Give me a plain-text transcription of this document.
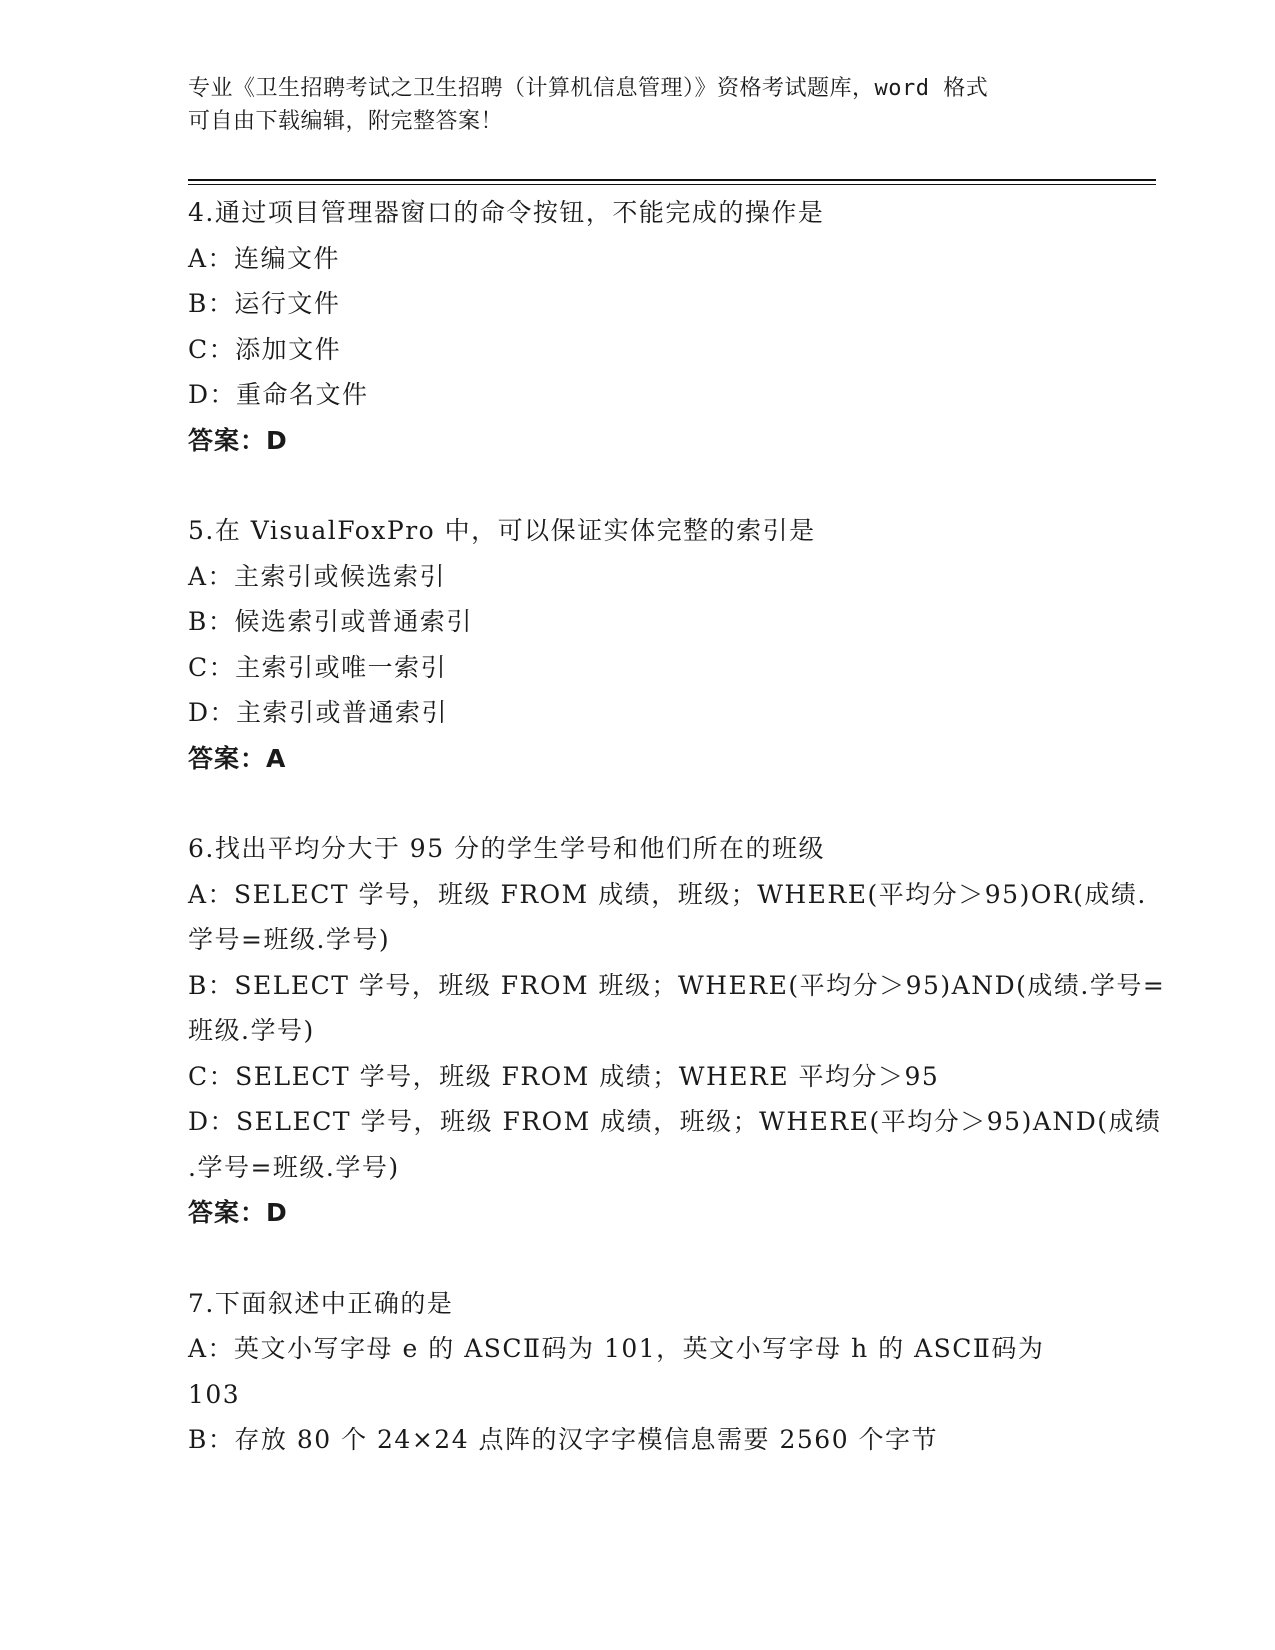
专业《卫生招聘考试之卫生招聘（计算机信息管理）》资格考试题库，word 格式
可自由下载编辑，附完整答案！
4.通过项目管理器窗口的命令按钮，不能完成的操作是
A：连编文件
B：运行文件
C：添加文件
D：重命名文件
答案：D
5.在 VisualFoxPro 中，可以保证实体完整的索引是
A：主索引或候选索引
B：候选索引或普通索引
C：主索引或唯一索引
D：主索引或普通索引
答案：A
6.找出平均分大于 95 分的学生学号和他们所在的班级
A：SELECT 学号，班级 FROM 成绩，班级；WHERE(平均分＞95)OR(成绩.
学号=班级.学号)
B：SELECT 学号，班级 FROM 班级；WHERE(平均分＞95)AND(成绩.学号=
班级.学号)
C：SELECT 学号，班级 FROM 成绩；WHERE 平均分＞95
D：SELECT 学号，班级 FROM 成绩，班级；WHERE(平均分＞95)AND(成绩
.学号=班级.学号)
答案：D
7.下面叙述中正确的是
A：英文小写字母 e 的 ASCⅡ码为 101，英文小写字母 h 的 ASCⅡ码为
103
B：存放 80 个 24×24 点阵的汉字字模信息需要 2560 个字节
